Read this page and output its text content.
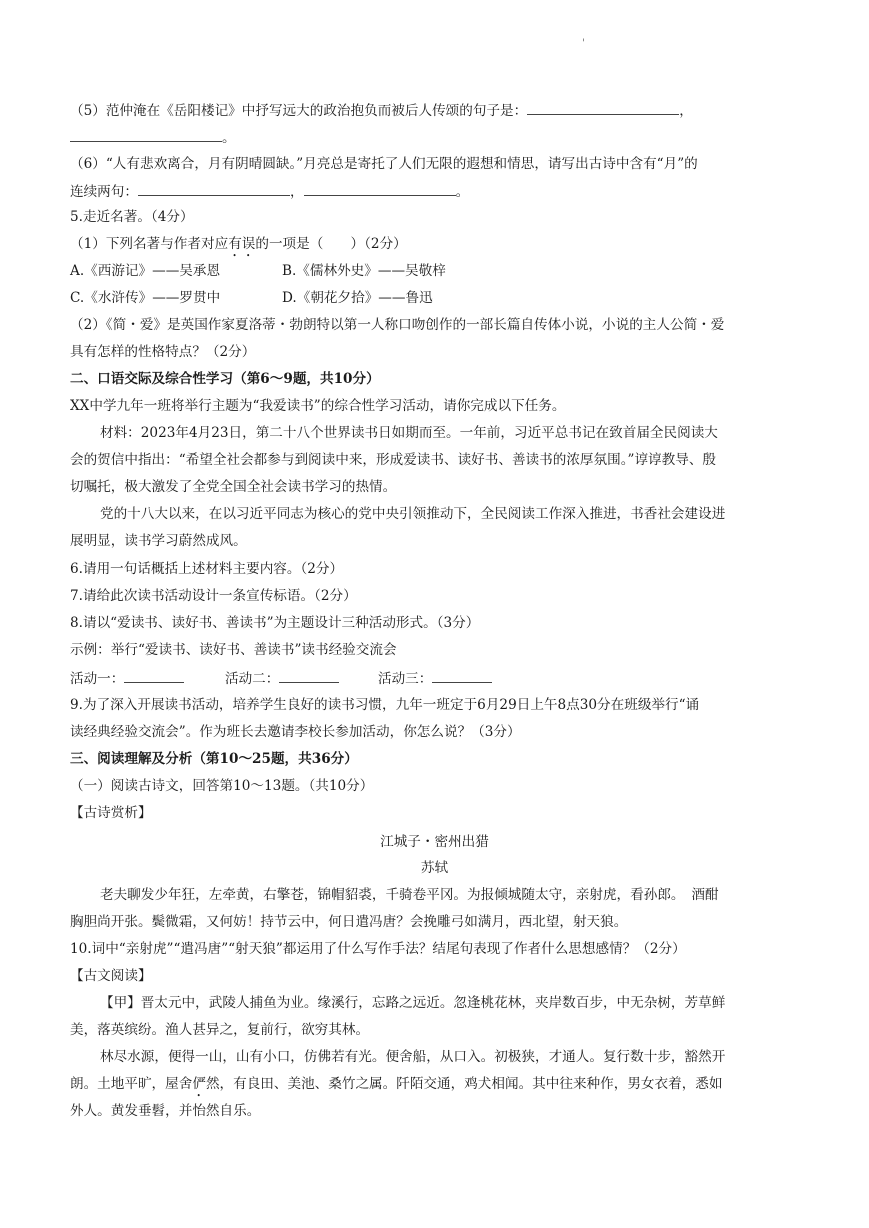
'
（5）范仲淹在《岳阳楼记》中抒写远大的政治抱负而被后人传颂的句子是：	，
。
（6）“人有悲欢离合，月有阴晴圆缺。”月亮总是寄托了人们无限的遐想和情思，请写出古诗中含有“月”的
连续两句：	，	。
5.走近名著。（4分）
（1）下列名著与作者对应有误的一项是（　　）（2分）
A.《西游记》——吴承恩	B.《儒林外史》——吴敬梓
C.《水浒传》——罗贯中	D.《朝花夕拾》——鲁迅
（2）《简・爱》是英国作家夏洛蒂・勃朗特以第一人称口吻创作的一部长篇自传体小说，小说的主人公简・爱
具有怎样的性格特点？（2分）
二、口语交际及综合性学习（第6～9题，共10分）
XX中学九年一班将举行主题为“我爱读书”的综合性学习活动，请你完成以下任务。
材料：2023年4月23日，第二十八个世界读书日如期而至。一年前，习近平总书记在致首届全民阅读大
会的贺信中指出：“希望全社会都参与到阅读中来，形成爱读书、读好书、善读书的浓厚氛围。”谆谆教导、殷
切嘱托，极大激发了全党全国全社会读书学习的热情。
党的十八大以来，在以习近平同志为核心的党中央引领推动下，全民阅读工作深入推进，书香社会建设进
展明显，读书学习蔚然成风。
6.请用一句话概括上述材料主要内容。（2分）
7.请给此次读书活动设计一条宣传标语。（2分）
8.请以“爱读书、读好书、善读书”为主题设计三种活动形式。（3分）
示例：举行“爱读书、读好书、善读书”读书经验交流会
活动一：	活动二：	活动三：
9.为了深入开展读书活动，培养学生良好的读书习惯，九年一班定于6月29日上午8点30分在班级举行“诵
读经典经验交流会”。作为班长去邀请李校长参加活动，你怎么说？（3分）
三、阅读理解及分析（第10～25题，共36分）
（一）阅读古诗文，回答第10～13题。（共10分）
【古诗赏析】
江城子・密州出猎
苏轼
老夫聊发少年狂，左牵黄，右擎苍，锦帽貂裘，千骑卷平冈。为报倾城随太守，亲射虎，看孙郎。　酒酣
胸胆尚开张。鬓微霜，又何妨！持节云中，何日遣冯唐？会挽雕弓如满月，西北望，射天狼。
10.词中“亲射虎”“遣冯唐”“射天狼”都运用了什么写作手法？结尾句表现了作者什么思想感情？（2分）
【古文阅读】
【甲】晋太元中，武陵人捕鱼为业。缘溪行，忘路之远近。忽逢桃花林，夹岸数百步，中无杂树，芳草鲜
美，落英缤纷。渔人甚异之，复前行，欲穷其林。
林尽水源，便得一山，山有小口，仿佛若有光。便舍船，从口入。初极狭，才通人。复行数十步，豁然开
朗。土地平旷，屋舍俨然，有良田、美池、桑竹之属。阡陌交通，鸡犬相闻。其中往来种作，男女衣着，悉如
外人。黄发垂髫，并怡然自乐。
